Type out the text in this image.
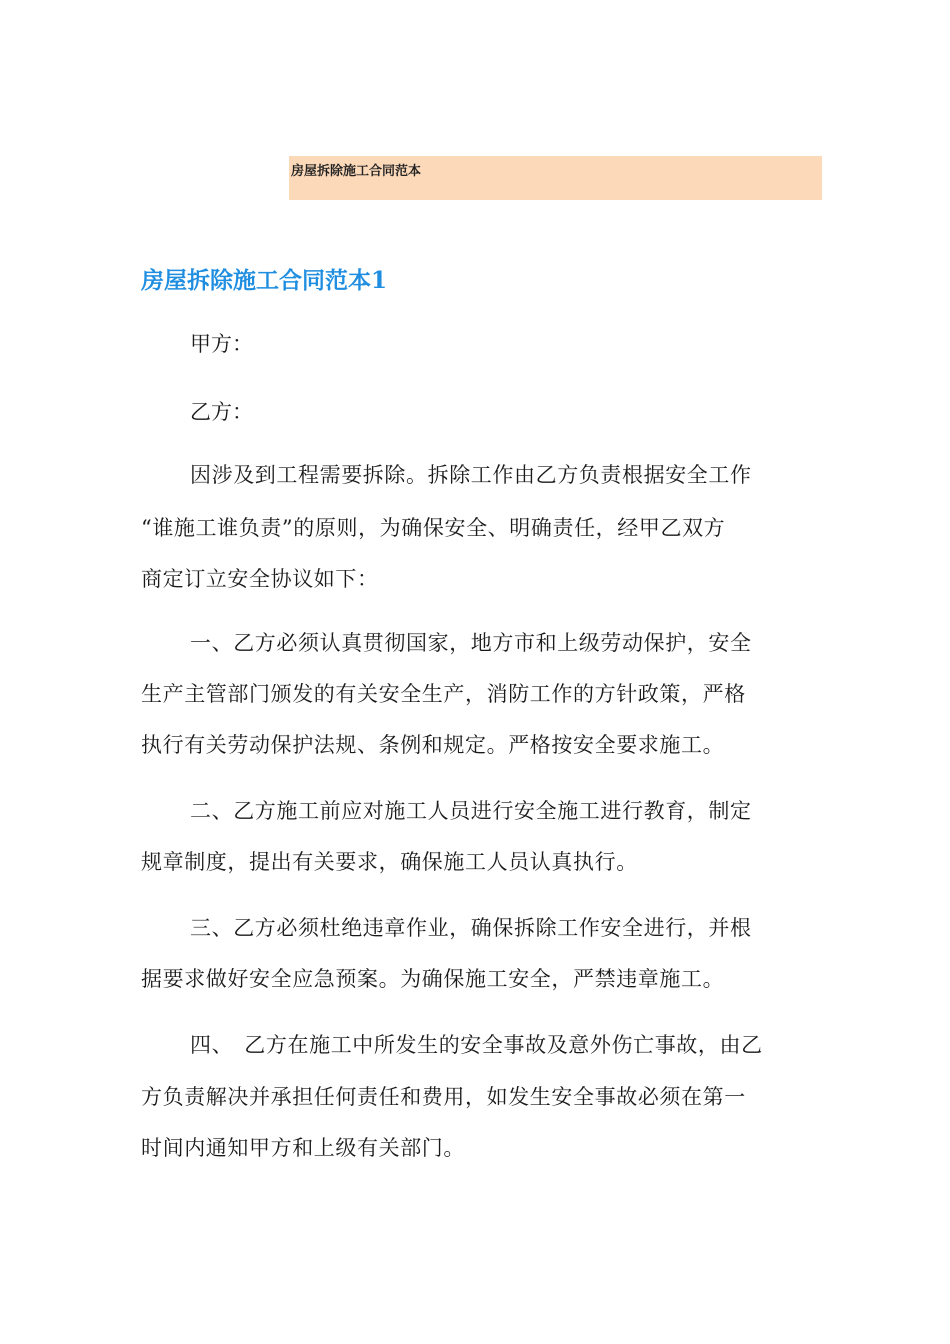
房屋拆除施工合同范本
房屋拆除施工合同范本1
甲方：
乙方：
因涉及到工程需要拆除。拆除工作由乙方负责根据安全工作
“谁施工谁负责”的原则，为确保安全、明确责任，经甲乙双方
商定订立安全协议如下：
一、乙方必须认真贯彻国家，地方市和上级劳动保护，安全
生产主管部门颁发的有关安全生产，消防工作的方针政策，严格
执行有关劳动保护法规、条例和规定。严格按安全要求施工。
二、乙方施工前应对施工人员进行安全施工进行教育，制定
规章制度，提出有关要求，确保施工人员认真执行。
三、乙方必须杜绝违章作业，确保拆除工作安全进行，并根
据要求做好安全应急预案。为确保施工安全，严禁违章施工。
四、　乙方在施工中所发生的安全事故及意外伤亡事故，由乙
方负责解决并承担任何责任和费用，如发生安全事故必须在第一
时间内通知甲方和上级有关部门。
